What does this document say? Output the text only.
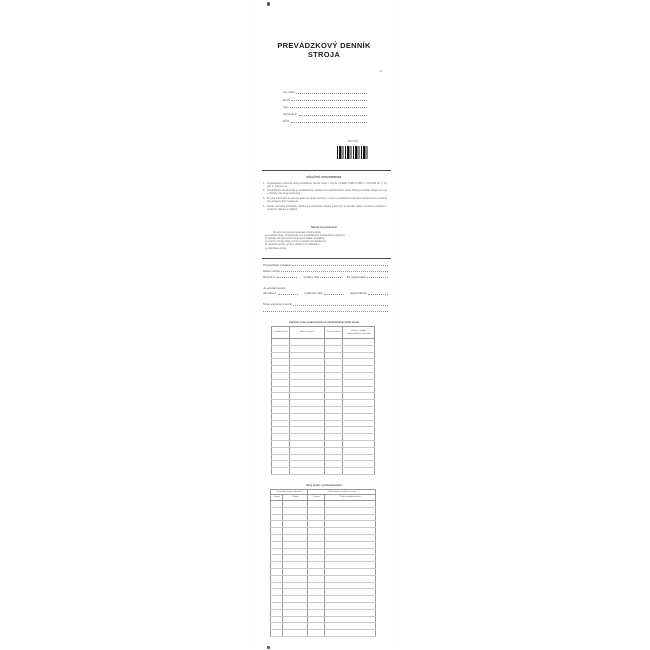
PREVÁDZKOVÝ DENNÍK
STROJA
Inv. číslo:
Druh:
Typ:
Výrobné č.:
EČV:
ŠEVT 601
DÔLEŽITÉ UPOZORNENIE
1. Organizácia je povinná viesť prevádzkový denník stroja v zmysle vyhlášky SÚBP a SBÚ č. 374/1990 Zb. § 75, ods. 2, písmeno a).
2. Prevádzkový denník stroja je neoddeliteľnou súčasťou prevádzkovaného stroja. Počas prevádzky stroja musí byť u obsluhy, kde sa aj uschováva.
3. Pri jeho odovzdaní do archívu alebo pri strate musí byť v novom prevádzkovom denníku zaznamenaný skutočný stav stroja ku dňu vystavenia.
4. Všetky vykonané prehliadky, údržbové a opravárske zásahy musia byť do denníka riadne a čitateľne zapísané s uvedením dátumu a podpisu.
Návod na používanie
Do tohto denníka zaznamenáva obsluha stroja:
a) prevzatie stroja, oboznámenie sa s prevádzkovými podmienkami a pokynmi,
b) výsledky denných kontrol stroja pred začatím prevádzky,
c) poruchy a chyby stroja, termíny a spôsob ich odstránenia,
d) vykonané opravy, výmeny súčastí a ich odskúšanie,
e) odovzdanie stroja.
Prevádzateľ (majiteľ)
Názov stroja
Denník č.	Vydaný dňa	Za organizáciu
Je pokračovaním
denníka č.	vydaného dňa	organizáciou
Stroj a denník prevzal
Zoznam osôb oprávnených na obsluhovanie tohto stroja
Poradové číslo	Meno a adresa	Číslo preukazu	Dátum a podpis zodpovedného vedúceho

Stroj spolu s príslušenstvom
Prevzatie stroja a denníka		Odovzdanie a vrátenie stroja	
Dátum	Podpis	Dátum	Podpis preberajúceho
